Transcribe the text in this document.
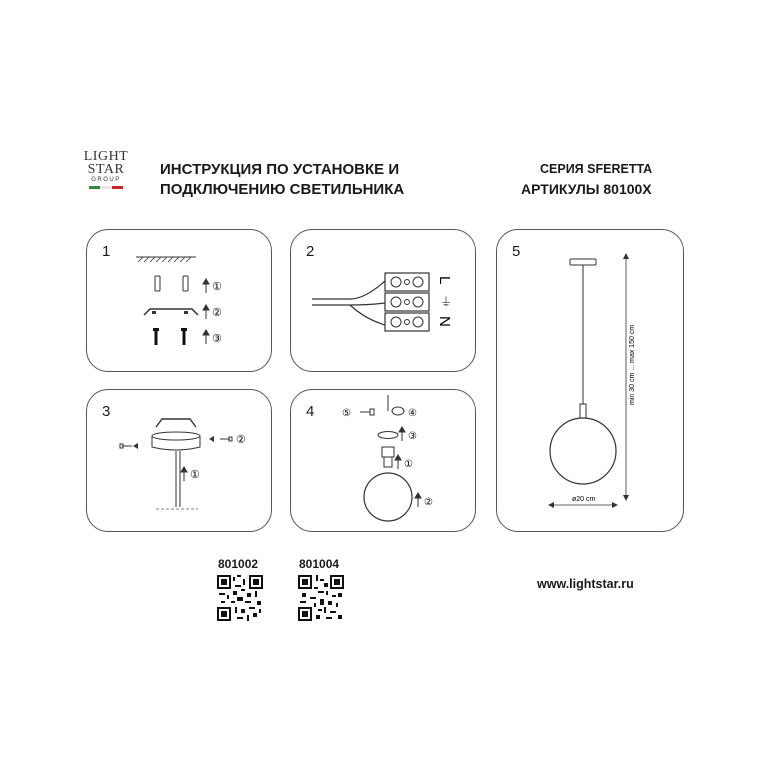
LIGHT
STAR
GROUP
ИНСТРУКЦИЯ ПО УСТАНОВКЕ И
ПОДКЛЮЧЕНИЮ СВЕТИЛЬНИКА
СЕРИЯ SFERETTA
АРТИКУЛЫ 80100X
1
①
②
③
2
L
⏚
N
5
min 30 cm ... max 150 cm
ø20 cm
3
②
①
4	⑤	④
③
①
②
801002	801004
www.lightstar.ru
